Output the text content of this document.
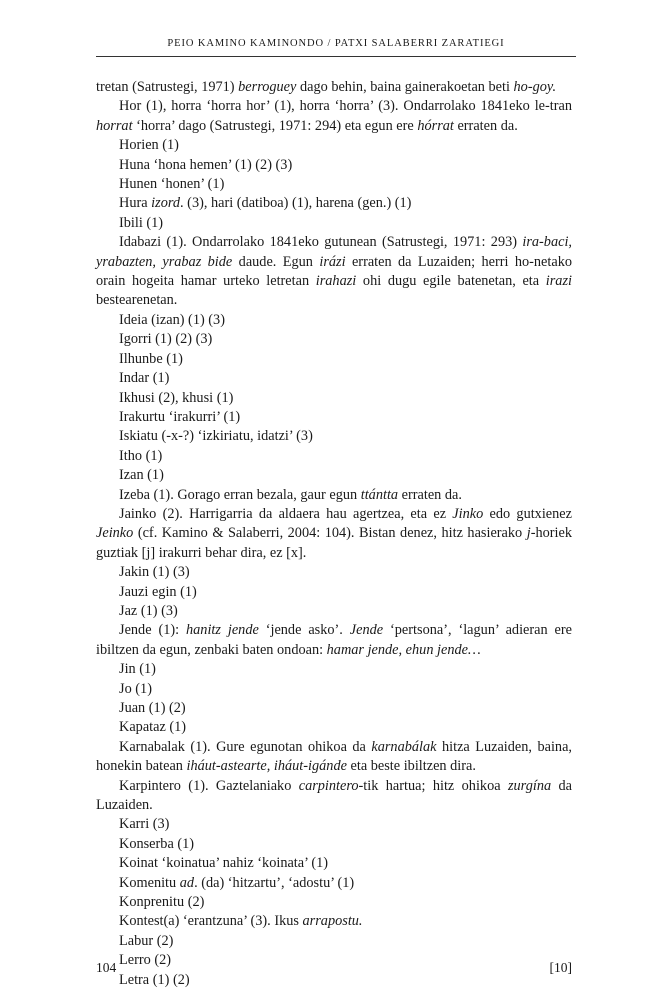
PEIO KAMINO KAMINONDO / PATXI SALABERRI ZARATIEGI

tretan (Satrustegi, 1971) berroguey dago behin, baina gainerakoetan beti ho-goy.

Hor (1), horra ‘horra hor’ (1), horra ‘horra’ (3). Ondarrolako 1841eko le-tran horrat ‘horra’ dago (Satrustegi, 1971: 294) eta egun ere hórrat erraten da.

Horien (1)

Huna ‘hona hemen’ (1) (2) (3)

Hunen ‘honen’ (1)

Hura izord. (3), hari (datiboa) (1), harena (gen.) (1)

Ibili (1)

Idabazi (1). Ondarrolako 1841eko gutunean (Satrustegi, 1971: 293) ira-baci, yrabazten, yrabaz bide daude. Egun irázi erraten da Luzaiden; herri ho-netako orain hogeita hamar urteko letretan irahazi ohi dugu egile batenetan, eta irazi bestearenetan.

Ideia (izan) (1) (3)

Igorri (1) (2) (3)

Ilhunbe (1)

Indar (1)

Ikhusi (2), khusi (1)

Irakurtu ‘irakurri’ (1)

Iskiatu (-x-?) ‘izkiriatu, idatzi’ (3)

Itho (1)

Izan (1)

Izeba (1). Gorago erran bezala, gaur egun ttántta erraten da.

Jainko (2). Harrigarria da aldaera hau agertzea, eta ez Jinko edo gutxienez Jeinko (cf. Kamino & Salaberri, 2004: 104). Bistan denez, hitz hasierako j-horiek guztiak [j] irakurri behar dira, ez [x].

Jakin (1) (3)

Jauzi egin (1)

Jaz (1) (3)

Jende (1): hanitz jende ‘jende asko’. Jende ‘pertsona’, ‘lagun’ adieran ere ibiltzen da egun, zenbaki baten ondoan: hamar jende, ehun jende…

Jin (1)

Jo (1)

Juan (1) (2)

Kapataz (1)

Karnabalak (1). Gure egunotan ohikoa da karnabálak hitza Luzaiden, baina, honekin batean iháut-astearte, iháut-igánde eta beste ibiltzen dira.

Karpintero (1). Gaztelaniako carpintero-tik hartua; hitz ohikoa zurgína da Luzaiden.

Karri (3)

Konserba (1)

Koinat ‘koinatua’ nahiz ‘koinata’ (1)

Komenitu ad. (da) ‘hitzartu’, ‘adostu’ (1)

Konprenitu (2)

Kontest(a) ‘erantzuna’ (3). Ikus arrapostu.

Labur (2)

Lerro (2)

Letra (1) (2)

104	[10]
